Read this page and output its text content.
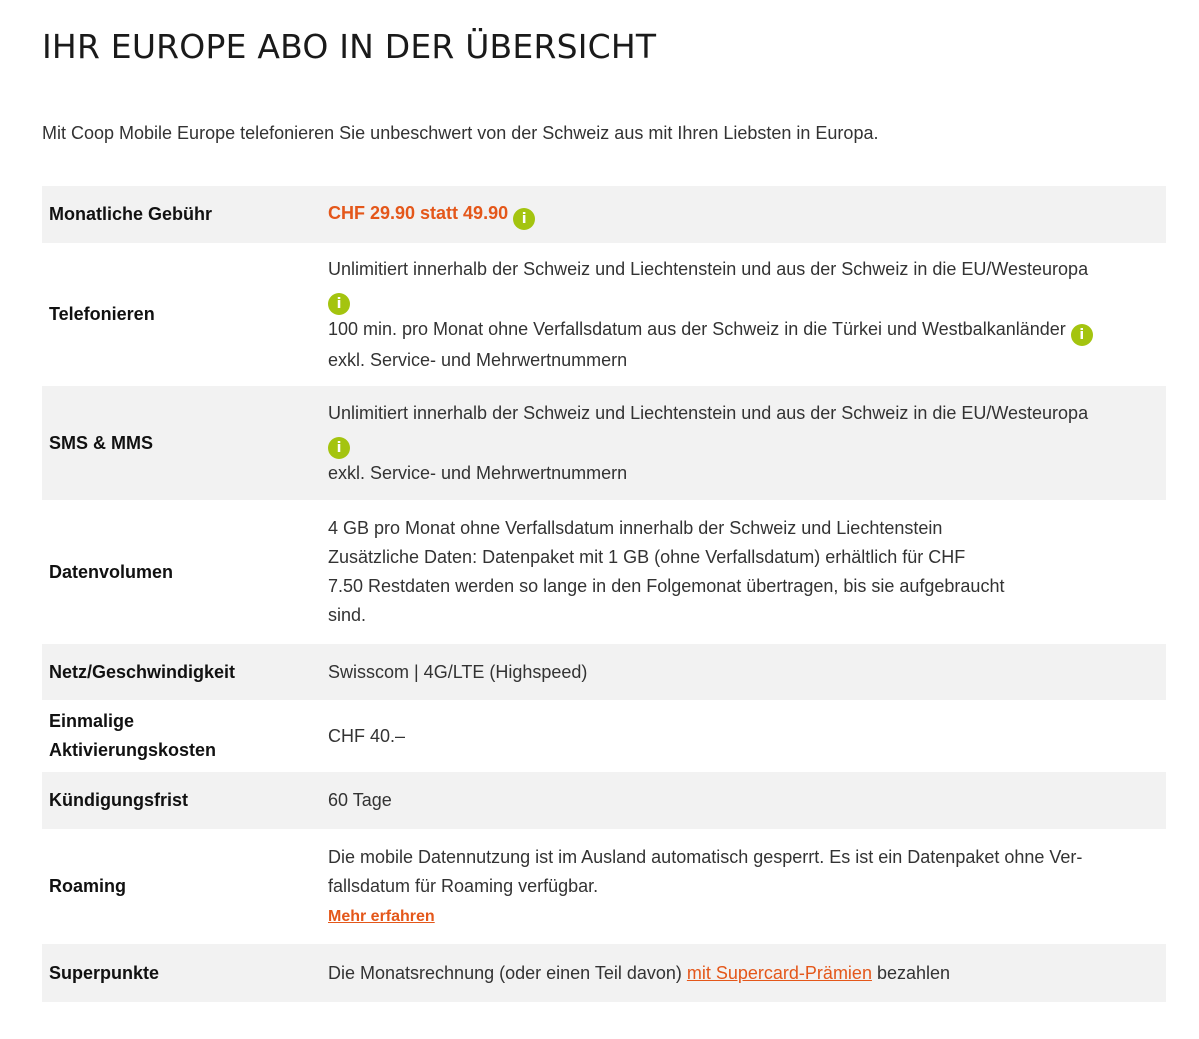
IHR EUROPE ABO IN DER ÜBERSICHT

Mit Coop Mobile Europe telefonieren Sie unbeschwert von der Schweiz aus mit Ihren Liebsten in Europa.

Monatliche Gebühr	CHF 29.90 statt 49.90 i
Telefonieren	Unlimitiert innerhalb der Schweiz und Liechtenstein und aus der Schweiz in die EU/Westeuropa
i
100 min. pro Monat ohne Verfallsdatum aus der Schweiz in die Türkei und Westbalkanländer i
exkl. Service- und Mehrwertnummern

SMS & MMS	Unlimitiert innerhalb der Schweiz und Liechtenstein und aus der Schweiz in die EU/Westeuropa
i
exkl. Service- und Mehrwertnummern

Datenvolumen	4 GB pro Monat ohne Verfallsdatum innerhalb der Schweiz und Liechtenstein
Zusätzliche Daten: Datenpaket mit 1 GB (ohne Verfallsdatum) erhältlich für CHF
7.50 Restdaten werden so lange in den Folgemonat übertragen, bis sie aufgebraucht
sind.

Netz/Geschwindigkeit	Swisscom | 4G/LTE (Highspeed)

Einmalige
Aktivierungskosten	CHF 40.–
Kündigungsfrist	60 Tage
Roaming	Die mobile Datennutzung ist im Ausland automatisch gesperrt. Es ist ein Datenpaket ohne Ver-
fallsdatum für Roaming verfügbar.
Mehr erfahren

Superpunkte	Die Monatsrechnung (oder einen Teil davon) mit Supercard-Prämien bezahlen
